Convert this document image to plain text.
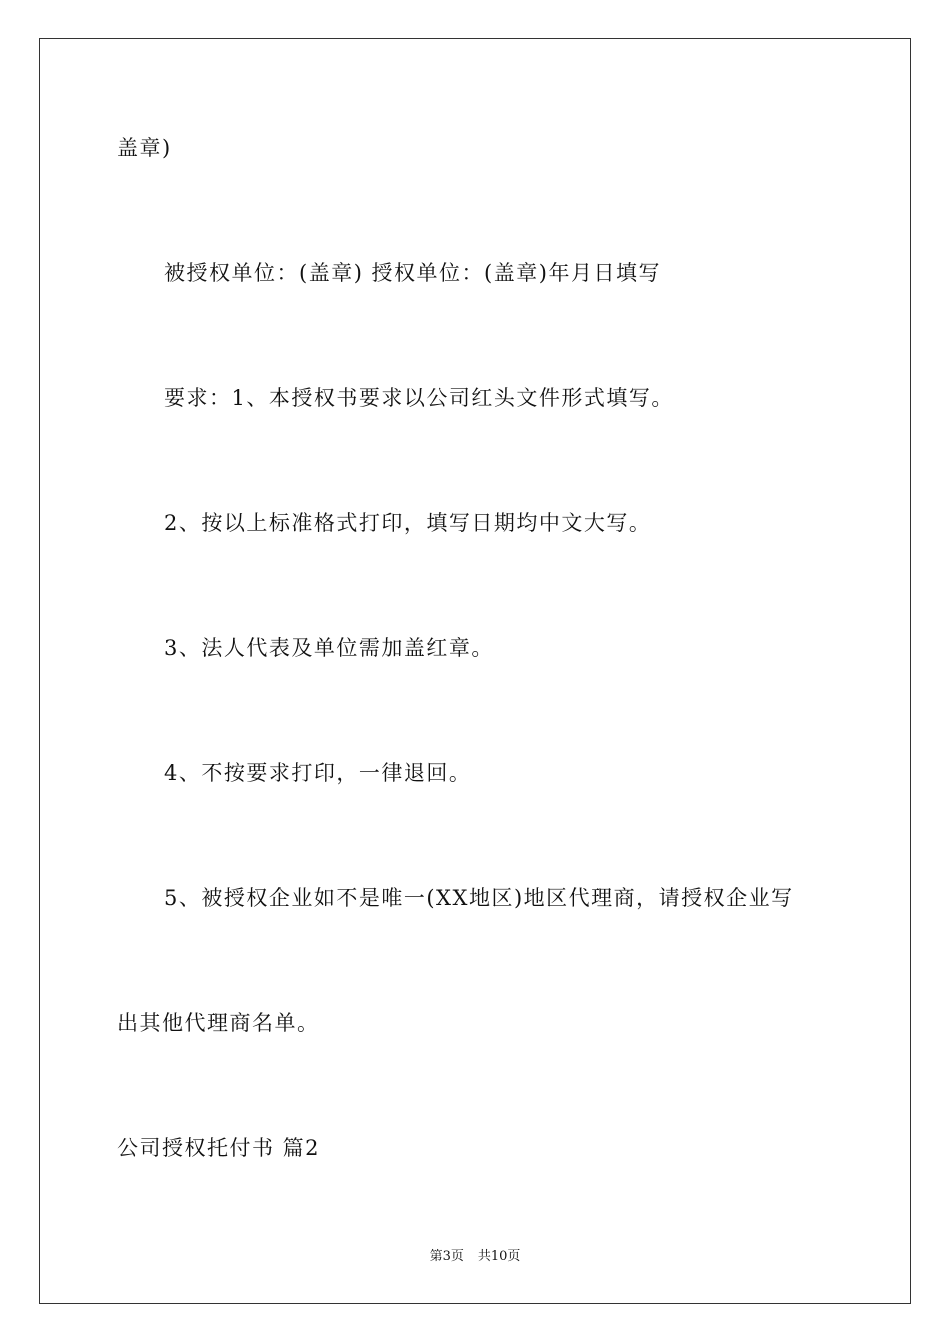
盖章)
被授权单位：(盖章) 授权单位：(盖章)年月日填写
要求：1、本授权书要求以公司红头文件形式填写。
2、按以上标准格式打印，填写日期均中文大写。
3、法人代表及单位需加盖红章。
4、不按要求打印，一律退回。
5、被授权企业如不是唯一(XX地区)地区代理商，请授权企业写
出其他代理商名单。
公司授权托付书 篇2
第3页 共10页
